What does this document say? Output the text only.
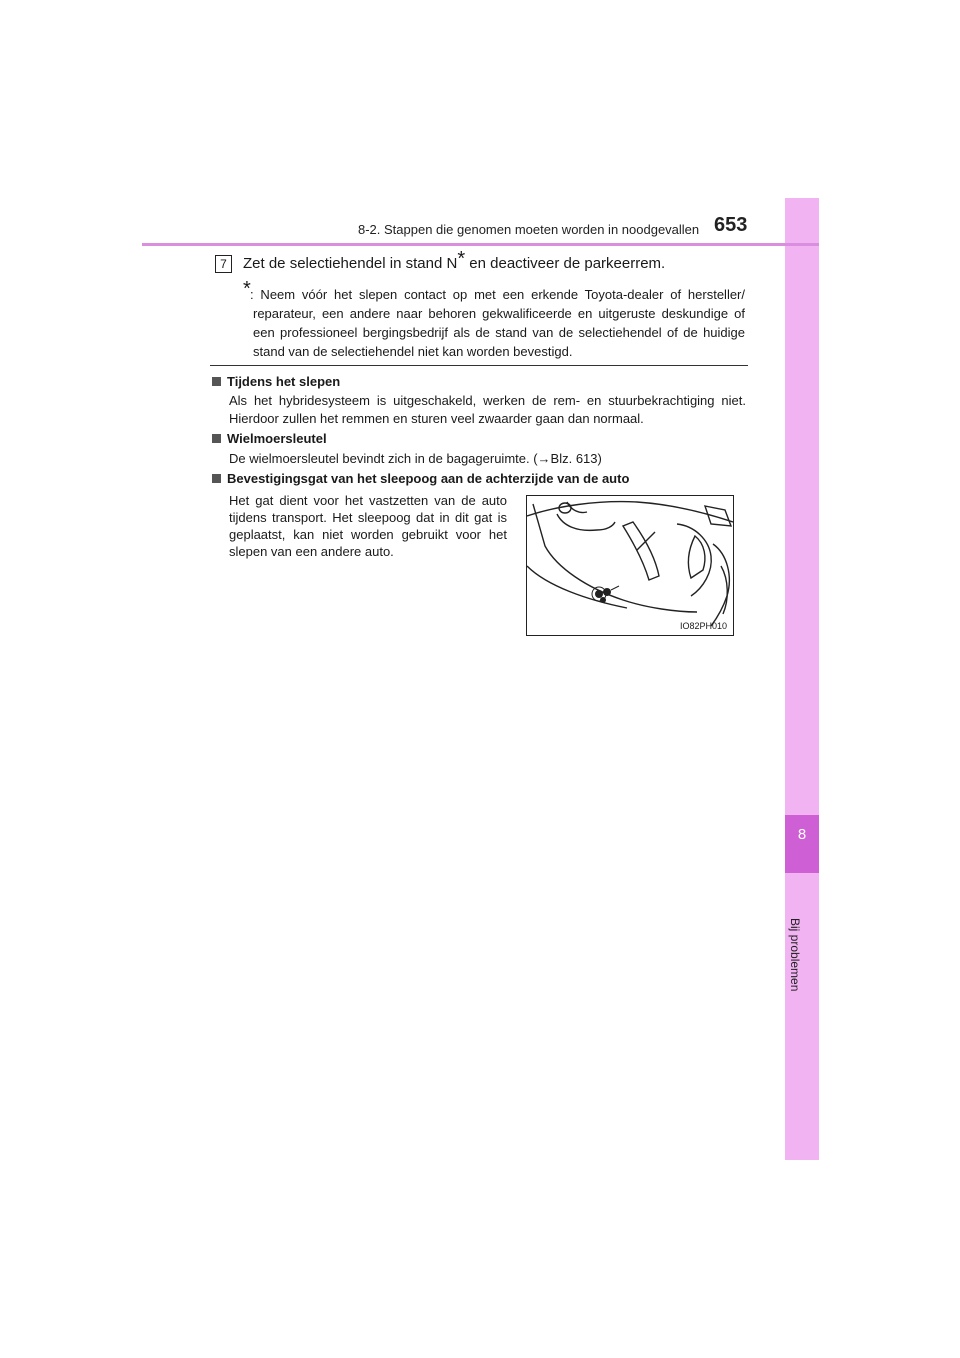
8
Bij problemen
8-2. Stappen die genomen moeten worden in noodgevallen 653
7	Zet de selectiehendel in stand N* en deactiveer de parkeerrem.
* : Neem vóór het slepen contact op met een erkende Toyota-dealer of hersteller/ reparateur, een andere naar behoren gekwalificeerde en uitgeruste deskundige of een professioneel bergingsbedrijf als de stand van de selectiehendel of de huidige stand van de selectiehendel niet kan worden bevestigd.
Tijdens het slepen
Als het hybridesysteem is uitgeschakeld, werken de rem- en stuurbekrachtiging niet. Hierdoor zullen het remmen en sturen veel zwaarder gaan dan normaal.
Wielmoersleutel
De wielmoersleutel bevindt zich in de bagageruimte. (→Blz. 613)
Bevestigingsgat van het sleepoog aan de achterzijde van de auto
Het gat dient voor het vastzetten van de auto tijdens transport. Het sleepoog dat in dit gat is geplaatst, kan niet worden gebruikt voor het slepen van een andere auto.
IO82PH010
